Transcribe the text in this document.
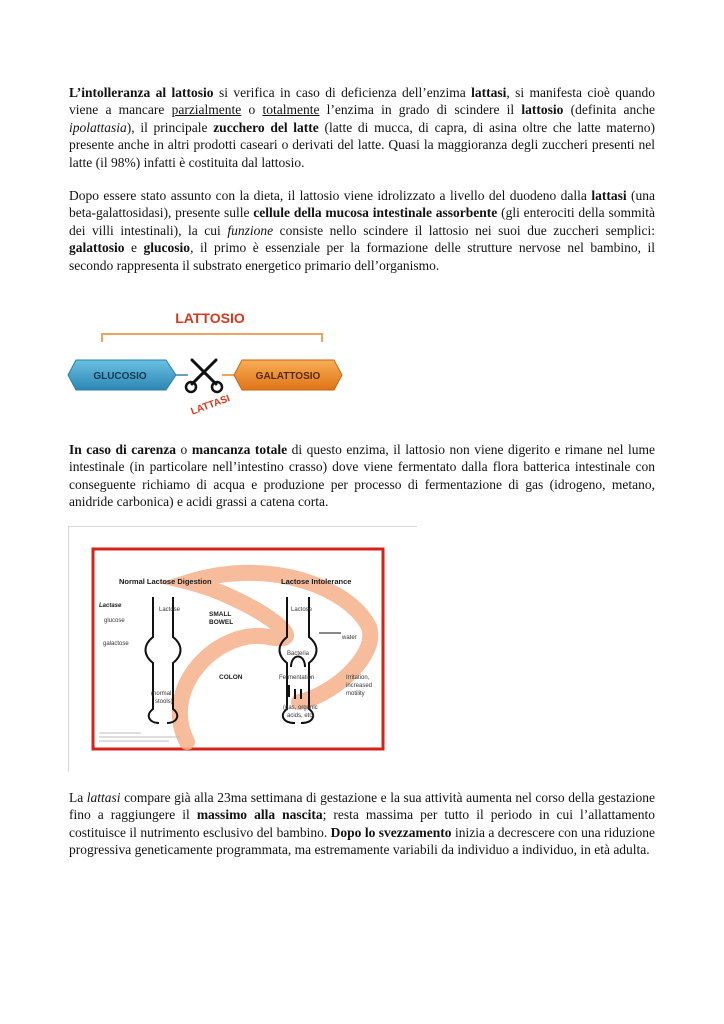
L’intolleranza al lattosio si verifica in caso di deficienza dell’enzima lattasi, si manifesta cioè quando viene a mancare parzialmente o totalmente l’enzima in grado di scindere il lattosio (definita anche ipolattasia), il principale zucchero del latte (latte di mucca, di capra, di asina oltre che latte materno) presente anche in altri prodotti caseari o derivati del latte. Quasi la maggioranza degli zuccheri presenti nel latte (il 98%) infatti è costituita dal lattosio.

Dopo essere stato assunto con la dieta, il lattosio viene idrolizzato a livello del duodeno dalla lattasi (una beta-galattosidasi), presente sulle cellule della mucosa intestinale assorbente (gli enterociti della sommità dei villi intestinali), la cui funzione consiste nello scindere il lattosio nei suoi due zuccheri semplici: galattosio e glucosio, il primo è essenziale per la formazione delle strutture nervose nel bambino, il secondo rappresenta il substrato energetico primario dell’organismo.

LATTOSIO
GLUCOSIO
LATTASI
GALATTOSIO

In caso di carenza o mancanza totale di questo enzima, il lattosio non viene digerito e rimane nel lume intestinale (in particolare nell’intestino crasso) dove viene fermentato dalla flora batterica intestinale con conseguente richiamo di acqua e produzione per processo di fermentazione di gas (idrogeno, metano, anidride carbonica) e acidi grassi a catena corta.

Normal Lactose Digestion	Lactose Intolerance
Lactase
Lactose
glucose
galactose
(normal
stools)
SMALL
BOWEL
COLON
Lactose
water
Bacteria
Fermentation	Irritation,
increased
motility
(gas, organic
acids, etc)

La lattasi compare già alla 23ma settimana di gestazione e la sua attività aumenta nel corso della gestazione fino a raggiungere il massimo alla nascita; resta massima per tutto il periodo in cui l’allattamento costituisce il nutrimento esclusivo del bambino. Dopo lo svezzamento inizia a decrescere con una riduzione progressiva geneticamente programmata, ma estremamente variabili da individuo a individuo, in età adulta.
